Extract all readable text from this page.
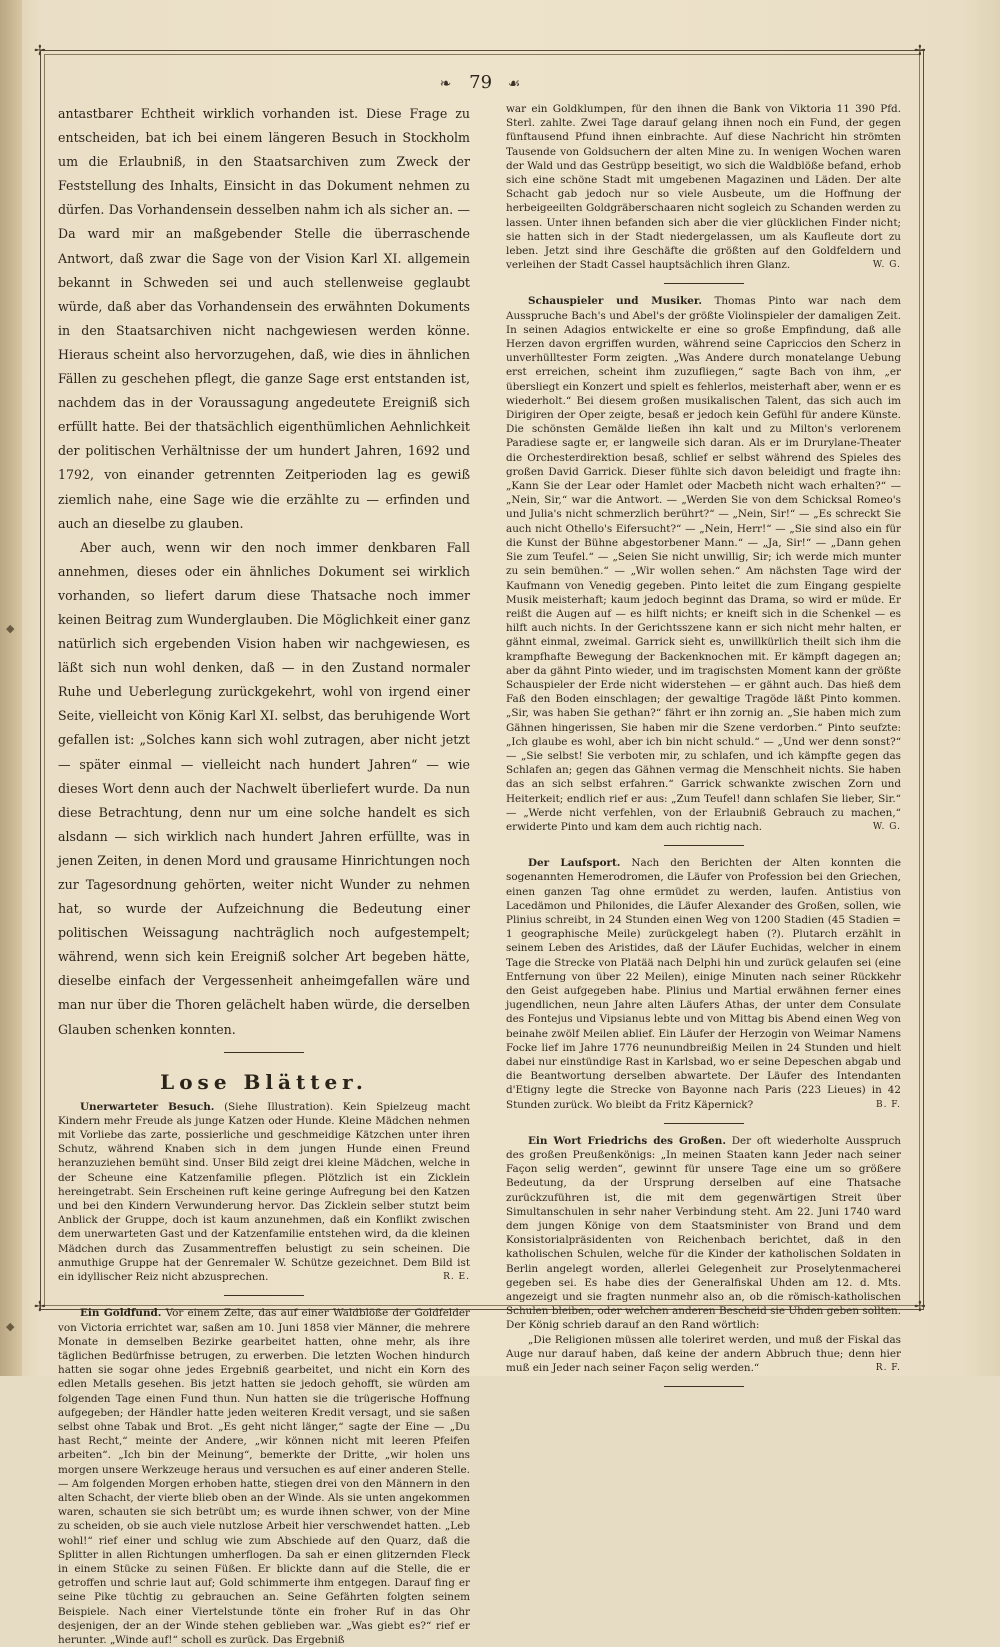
✢	✢
✢	✢
◆
◆
❧ 79 ☙

antastbarer Echtheit wirklich vorhanden ist. Diese Frage zu entscheiden, bat ich bei einem längeren Besuch in Stockholm um die Erlaubniß, in den Staatsarchiven zum Zweck der Feststellung des Inhalts, Einsicht in das Dokument nehmen zu dürfen. Das Vorhandensein desselben nahm ich als sicher an. — Da ward mir an maßgebender Stelle die überraschende Antwort, daß zwar die Sage von der Vision Karl XI. allgemein bekannt in Schweden sei und auch stellenweise geglaubt würde, daß aber das Vorhandensein des erwähnten Dokuments in den Staatsarchiven nicht nachgewiesen werden könne. Hieraus scheint also hervorzugehen, daß, wie dies in ähnlichen Fällen zu geschehen pflegt, die ganze Sage erst entstanden ist, nachdem das in der Voraussagung angedeutete Ereigniß sich erfüllt hatte. Bei der thatsächlich eigenthümlichen Aehnlichkeit der politischen Verhältnisse der um hundert Jahren, 1692 und 1792, von einander getrennten Zeitperioden lag es gewiß ziemlich nahe, eine Sage wie die erzählte zu — erfinden und auch an dieselbe zu glauben.

Aber auch, wenn wir den noch immer denkbaren Fall annehmen, dieses oder ein ähnliches Dokument sei wirklich vorhanden, so liefert darum diese Thatsache noch immer keinen Beitrag zum Wunderglauben. Die Möglichkeit einer ganz natürlich sich ergebenden Vision haben wir nachgewiesen, es läßt sich nun wohl denken, daß — in den Zustand normaler Ruhe und Ueberlegung zurückgekehrt, wohl von irgend einer Seite, vielleicht von König Karl XI. selbst, das beruhigende Wort gefallen ist: „Solches kann sich wohl zutragen, aber nicht jetzt — später einmal — vielleicht nach hundert Jahren“ — wie dieses Wort denn auch der Nachwelt überliefert wurde. Da nun diese Betrachtung, denn nur um eine solche handelt es sich alsdann — sich wirklich nach hundert Jahren erfüllte, was in jenen Zeiten, in denen Mord und grausame Hinrichtungen noch zur Tagesordnung gehörten, weiter nicht Wunder zu nehmen hat, so wurde der Aufzeichnung die Bedeutung einer politischen Weissagung nachträglich noch aufgestempelt; während, wenn sich kein Ereigniß solcher Art begeben hätte, dieselbe einfach der Vergessenheit anheimgefallen wäre und man nur über die Thoren gelächelt haben würde, die derselben Glauben schenken konnten.

Lose Blätter.

Unerwarteter Besuch. (Siehe Illustration). Kein Spielzeug macht Kindern mehr Freude als junge Katzen oder Hunde. Kleine Mädchen nehmen mit Vorliebe das zarte, possierliche und geschmeidige Kätzchen unter ihren Schutz, während Knaben sich in dem jungen Hunde einen Freund heranzuziehen bemüht sind. Unser Bild zeigt drei kleine Mädchen, welche in der Scheune eine Katzenfamilie pflegen. Plötzlich ist ein Zicklein hereingetrabt. Sein Erscheinen ruft keine geringe Aufregung bei den Katzen und bei den Kindern Verwunderung hervor. Das Zicklein selber stutzt beim Anblick der Gruppe, doch ist kaum anzunehmen, daß ein Konflikt zwischen dem unerwarteten Gast und der Katzenfamilie entstehen wird, da die kleinen Mädchen durch das Zusammentreffen belustigt zu sein scheinen. Die anmuthige Gruppe hat der Genremaler W. Schütze gezeichnet. Dem Bild ist ein idyllischer Reiz nicht abzusprechen.	R. E.

Ein Goldfund. Vor einem Zelte, das auf einer Waldblöße der Goldfelder von Victoria errichtet war, saßen am 10. Juni 1858 vier Männer, die mehrere Monate in demselben Bezirke gearbeitet hatten, ohne mehr, als ihre täglichen Bedürfnisse betrugen, zu erwerben. Die letzten Wochen hindurch hatten sie sogar ohne jedes Ergebniß gearbeitet, und nicht ein Korn des edlen Metalls gesehen. Bis jetzt hatten sie jedoch gehofft, sie würden am folgenden Tage einen Fund thun. Nun hatten sie die trügerische Hoffnung aufgegeben; der Händler hatte jeden weiteren Kredit versagt, und sie saßen selbst ohne Tabak und Brot. „Es geht nicht länger,“ sagte der Eine — „Du hast Recht,“ meinte der Andere, „wir können nicht mit leeren Pfeifen arbeiten“. „Ich bin der Meinung“, bemerkte der Dritte, „wir holen uns morgen unsere Werkzeuge heraus und versuchen es auf einer anderen Stelle. — Am folgenden Morgen erhoben hatte, stiegen drei von den Männern in den alten Schacht, der vierte blieb oben an der Winde. Als sie unten angekommen waren, schauten sie sich betrübt um; es wurde ihnen schwer, von der Mine zu scheiden, ob sie auch viele nutzlose Arbeit hier verschwendet hatten. „Leb wohl!“ rief einer und schlug wie zum Abschiede auf den Quarz, daß die Splitter in allen Richtungen umherflogen. Da sah er einen glitzernden Fleck in einem Stücke zu seinen Füßen. Er blickte dann auf die Stelle, die er getroffen und schrie laut auf; Gold schimmerte ihm entgegen. Darauf fing er seine Pike tüchtig zu gebrauchen an. Seine Gefährten folgten seinem Beispiele. Nach einer Viertelstunde tönte ein froher Ruf in das Ohr desjenigen, der an der Winde stehen geblieben war. „Was giebt es?“ rief er herunter. „Winde auf!“ scholl es zurück. Das Ergebniß

war ein Goldklumpen, für den ihnen die Bank von Viktoria 11 390 Pfd. Sterl. zahlte. Zwei Tage darauf gelang ihnen noch ein Fund, der gegen fünftausend Pfund ihnen einbrachte. Auf diese Nachricht hin strömten Tausende von Goldsuchern der alten Mine zu. In wenigen Wochen waren der Wald und das Gestrüpp beseitigt, wo sich die Waldblöße befand, erhob sich eine schöne Stadt mit umgebenen Magazinen und Läden. Der alte Schacht gab jedoch nur so viele Ausbeute, um die Hoffnung der herbeigeeilten Goldgräberschaaren nicht sogleich zu Schanden werden zu lassen. Unter ihnen befanden sich aber die vier glücklichen Finder nicht; sie hatten sich in der Stadt niedergelassen, um als Kaufleute dort zu leben. Jetzt sind ihre Geschäfte die größten auf den Goldfeldern und verleihen der Stadt Cassel hauptsächlich ihren Glanz.	W. G.

Schauspieler und Musiker. Thomas Pinto war nach dem Ausspruche Bach's und Abel's der größte Violinspieler der damaligen Zeit. In seinen Adagios entwickelte er eine so große Empfindung, daß alle Herzen davon ergriffen wurden, während seine Capriccios den Scherz in unverhülltester Form zeigten. „Was Andere durch monatelange Uebung erst erreichen, scheint ihm zuzufliegen,“ sagte Bach von ihm, „er übersliegt ein Konzert und spielt es fehlerlos, meisterhaft aber, wenn er es wiederholt.“ Bei diesem großen musikalischen Talent, das sich auch im Dirigiren der Oper zeigte, besaß er jedoch kein Gefühl für andere Künste. Die schönsten Gemälde ließen ihn kalt und zu Milton's verlorenem Paradiese sagte er, er langweile sich daran. Als er im Drurylane-Theater die Orchesterdirektion besaß, schlief er selbst während des Spieles des großen David Garrick. Dieser fühlte sich davon beleidigt und fragte ihn: „Kann Sie der Lear oder Hamlet oder Macbeth nicht wach erhalten?“ — „Nein, Sir,“ war die Antwort. — „Werden Sie von dem Schicksal Romeo's und Julia's nicht schmerzlich berührt?“ — „Nein, Sir!“ — „Es schreckt Sie auch nicht Othello's Eifersucht?“ — „Nein, Herr!“ — „Sie sind also ein für die Kunst der Bühne abgestorbener Mann.“ — „Ja, Sir!“ — „Dann gehen Sie zum Teufel.“ — „Seien Sie nicht unwillig, Sir; ich werde mich munter zu sein bemühen.“ — „Wir wollen sehen.“ Am nächsten Tage wird der Kaufmann von Venedig gegeben. Pinto leitet die zum Eingang gespielte Musik meisterhaft; kaum jedoch beginnt das Drama, so wird er müde. Er reißt die Augen auf — es hilft nichts; er kneift sich in die Schenkel — es hilft auch nichts. In der Gerichtsszene kann er sich nicht mehr halten, er gähnt einmal, zweimal. Garrick sieht es, unwillkürlich theilt sich ihm die krampfhafte Bewegung der Backenknochen mit. Er kämpft dagegen an; aber da gähnt Pinto wieder, und im tragischsten Moment kann der größte Schauspieler der Erde nicht widerstehen — er gähnt auch. Das hieß dem Faß den Boden einschlagen; der gewaltige Tragöde läßt Pinto kommen. „Sir, was haben Sie gethan?“ fährt er ihn zornig an. „Sie haben mich zum Gähnen hingerissen, Sie haben mir die Szene verdorben.“ Pinto seufzte: „Ich glaube es wohl, aber ich bin nicht schuld.“ — „Und wer denn sonst?“ — „Sie selbst! Sie verboten mir, zu schlafen, und ich kämpfte gegen das Schlafen an; gegen das Gähnen vermag die Menschheit nichts. Sie haben das an sich selbst erfahren.“ Garrick schwankte zwischen Zorn und Heiterkeit; endlich rief er aus: „Zum Teufel! dann schlafen Sie lieber, Sir.“ — „Werde nicht verfehlen, von der Erlaubniß Gebrauch zu machen,“ erwiderte Pinto und kam dem auch richtig nach.	W. G.

Der Laufsport. Nach den Berichten der Alten konnten die sogenannten Hemerodromen, die Läufer von Profession bei den Griechen, einen ganzen Tag ohne ermüdet zu werden, laufen. Antistius von Lacedämon und Philonides, die Läufer Alexander des Großen, sollen, wie Plinius schreibt, in 24 Stunden einen Weg von 1200 Stadien (45 Stadien = 1 geographische Meile) zurückgelegt haben (?). Plutarch erzählt in seinem Leben des Aristides, daß der Läufer Euchidas, welcher in einem Tage die Strecke von Platää nach Delphi hin und zurück gelaufen sei (eine Entfernung von über 22 Meilen), einige Minuten nach seiner Rückkehr den Geist aufgegeben habe. Plinius und Martial erwähnen ferner eines jugendlichen, neun Jahre alten Läufers Athas, der unter dem Consulate des Fontejus und Vipsianus lebte und von Mittag bis Abend einen Weg von beinahe zwölf Meilen ablief. Ein Läufer der Herzogin von Weimar Namens Focke lief im Jahre 1776 neunundbreißig Meilen in 24 Stunden und hielt dabei nur einstündige Rast in Karlsbad, wo er seine Depeschen abgab und die Beantwortung derselben abwartete. Der Läufer des Intendanten d'Etigny legte die Strecke von Bayonne nach Paris (223 Lieues) in 42 Stunden zurück. Wo bleibt da Fritz Käpernick?	B. F.

Ein Wort Friedrichs des Großen. Der oft wiederholte Ausspruch des großen Preußenkönigs: „In meinen Staaten kann Jeder nach seiner Façon selig werden“, gewinnt für unsere Tage eine um so größere Bedeutung, da der Ursprung derselben auf eine Thatsache zurückzuführen ist, die mit dem gegenwärtigen Streit über Simultanschulen in sehr naher Verbindung steht. Am 22. Juni 1740 ward dem jungen Könige von dem Staatsminister von Brand und dem Konsistorialpräsidenten von Reichenbach berichtet, daß in den katholischen Schulen, welche für die Kinder der katholischen Soldaten in Berlin angelegt worden, allerlei Gelegenheit zur Proselytenmacherei gegeben sei. Es habe dies der Generalfiskal Uhden am 12. d. Mts. angezeigt und sie fragten nunmehr also an, ob die römisch-katholischen Schulen bleiben, oder welchen anderen Bescheid sie Uhden geben sollten. Der König schrieb darauf an den Rand wörtlich:

„Die Religionen müssen alle toleriret werden, und muß der Fiskal das Auge nur darauf haben, daß keine der andern Abbruch thue; denn hier muß ein Jeder nach seiner Façon selig werden.“	R. F.
